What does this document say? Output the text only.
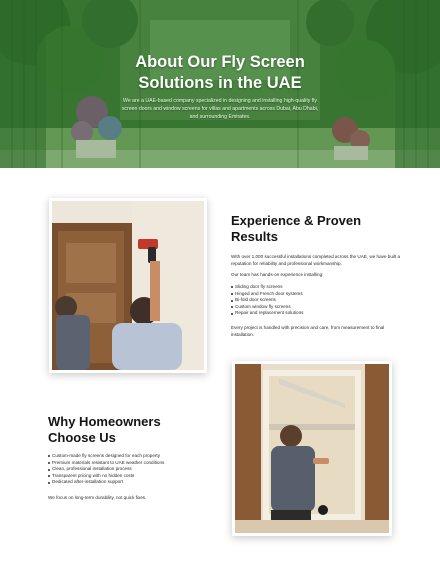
About Our Fly Screen
Solutions in the UAE

We are a UAE-based company specialized in designing and installing high-quality fly screen doors and window screens for villas and apartments across Dubai, Abu Dhabi, and surrounding Emirates.

Experience & Proven
Results

With over 1,000 successful installations completed across the UAE, we have built a reputation for reliability and professional workmanship.

Our team has hands-on experience installing:

Sliding door fly screens
Hinged and French door systems
Bi-fold door screens
Custom window fly screens
Repair and replacement solutions

Every project is handled with precision and care, from measurement to final installation.

Why Homeowners
Choose Us
Custom-made fly screens designed for each property
Premium materials resistant to UAE weather conditions
Clean, professional installation process
Transparent pricing with no hidden costs
Dedicated after-installation support

We focus on long-term durability, not quick fixes.
